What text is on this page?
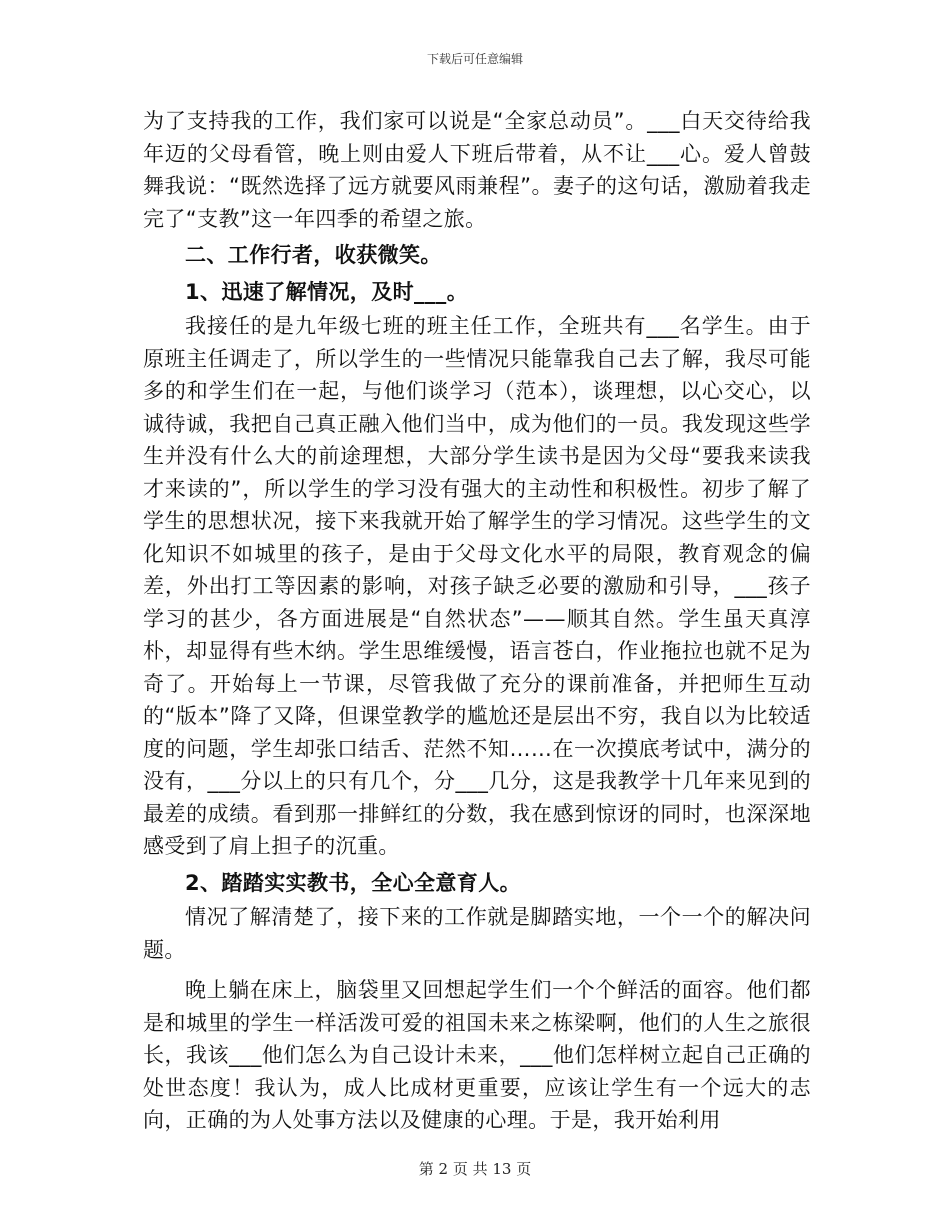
下载后可任意编辑

为了支持我的工作，我们家可以说是“全家总动员”。___白天交待给我年迈的父母看管，晚上则由爱人下班后带着，从不让___心。爱人曾鼓舞我说：“既然选择了远方就要风雨兼程”。妻子的这句话，激励着我走完了“支教”这一年四季的希望之旅。

二、工作行者，收获微笑。

1、迅速了解情况，及时___。

我接任的是九年级七班的班主任工作，全班共有___名学生。由于原班主任调走了，所以学生的一些情况只能靠我自己去了解，我尽可能多的和学生们在一起，与他们谈学习（范本），谈理想，以心交心，以诚待诚，我把自己真正融入他们当中，成为他们的一员。我发现这些学生并没有什么大的前途理想，大部分学生读书是因为父母“要我来读我才来读的”，所以学生的学习没有强大的主动性和积极性。初步了解了学生的思想状况，接下来我就开始了解学生的学习情况。这些学生的文化知识不如城里的孩子，是由于父母文化水平的局限，教育观念的偏差，外出打工等因素的影响，对孩子缺乏必要的激励和引导，___孩子学习的甚少，各方面进展是“自然状态”——顺其自然。学生虽天真淳朴，却显得有些木纳。学生思维缓慢，语言苍白，作业拖拉也就不足为奇了。开始每上一节课，尽管我做了充分的课前准备，并把师生互动的“版本”降了又降，但课堂教学的尴尬还是层出不穷，我自以为比较适度的问题，学生却张口结舌、茫然不知……在一次摸底考试中，满分的没有，___分以上的只有几个，分___几分，这是我教学十几年来见到的最差的成绩。看到那一排鲜红的分数，我在感到惊讶的同时，也深深地感受到了肩上担子的沉重。

2、踏踏实实教书，全心全意育人。

情况了解清楚了，接下来的工作就是脚踏实地，一个一个的解决问题。

晚上躺在床上，脑袋里又回想起学生们一个个鲜活的面容。他们都是和城里的学生一样活泼可爱的祖国未来之栋梁啊，他们的人生之旅很长，我该___他们怎么为自己设计未来，___他们怎样树立起自己正确的处世态度！我认为，成人比成材更重要，应该让学生有一个远大的志向，正确的为人处事方法以及健康的心理。于是，我开始利用

第 2 页 共 13 页
